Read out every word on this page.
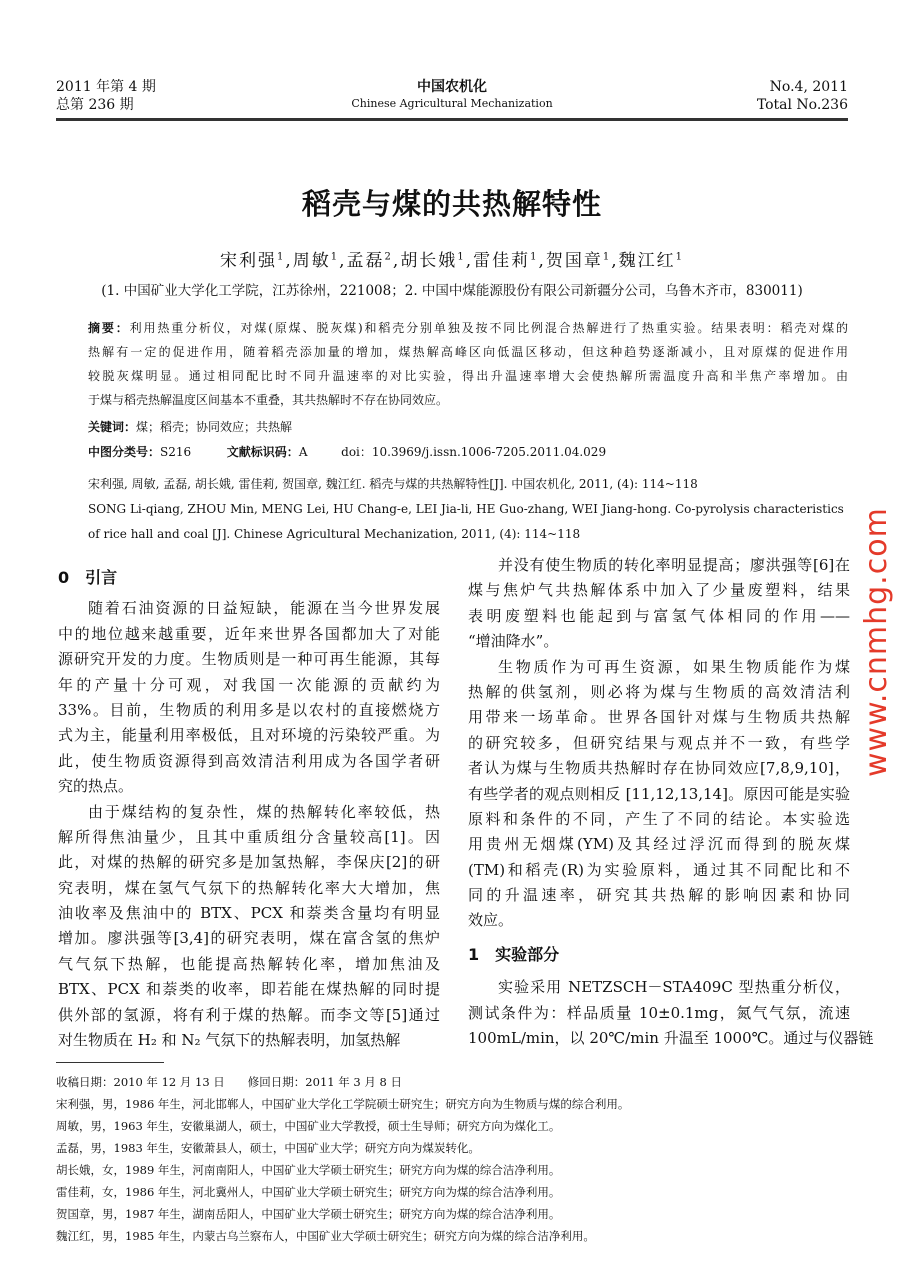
2011 年第 4 期
总第 236 期
中国农机化
Chinese Agricultural Mechanization
No.4, 2011
Total No.236
稻壳与煤的共热解特性
宋利强$^1$,周敏$^1$,孟磊$^2$,胡长娥$^1$,雷佳莉$^1$,贺国章$^1$,魏江红$^1$
(1. 中国矿业大学化工学院，江苏徐州，221008；2. 中国中煤能源股份有限公司新疆分公司，乌鲁木齐市，830011)
摘要：利用热重分析仪，对煤(原煤、脱灰煤)和稻壳分别单独及按不同比例混合热解进行了热重实验。结果表明：稻壳对煤的
热解有一定的促进作用，随着稻壳添加量的增加，煤热解高峰区向低温区移动，但这种趋势逐渐减小，且对原煤的促进作用
较脱灰煤明显。通过相同配比时不同升温速率的对比实验，得出升温速率增大会使热解所需温度升高和半焦产率增加。由
于煤与稻壳热解温度区间基本不重叠，其共热解时不存在协同效应。
关键词：煤；稻壳；协同效应；共热解
中图分类号：S216	文献标识码：A	doi：10.3969/j.issn.1006-7205.2011.04.029
宋利强, 周敏, 孟磊, 胡长娥, 雷佳莉, 贺国章, 魏江红. 稻壳与煤的共热解特性[J]. 中国农机化, 2011, (4): 114~118
SONG Li-qiang, ZHOU Min, MENG Lei, HU Chang-e, LEI Jia-li, HE Guo-zhang, WEI Jiang-hong. Co-pyrolysis characteristics
of rice hall and coal [J]. Chinese Agricultural Mechanization, 2011, (4): 114~118
0　引言
随着石油资源的日益短缺，能源在当今世界发展
中的地位越来越重要，近年来世界各国都加大了对能
源研究开发的力度。生物质则是一种可再生能源，其每
年的产量十分可观，对我国一次能源的贡献约为
33%。目前，生物质的利用多是以农村的直接燃烧方
式为主，能量利用率极低，且对环境的污染较严重。为
此，使生物质资源得到高效清洁利用成为各国学者研
究的热点。
由于煤结构的复杂性，煤的热解转化率较低，热
解所得焦油量少，且其中重质组分含量较高[1]。因
此，对煤的热解的研究多是加氢热解，李保庆[2]的研
究表明，煤在氢气气氛下的热解转化率大大增加，焦
油收率及焦油中的 BTX、PCX 和萘类含量均有明显
增加。廖洪强等[3,4]的研究表明，煤在富含氢的焦炉
气气氛下热解，也能提高热解转化率，增加焦油及
BTX、PCX 和萘类的收率，即若能在煤热解的同时提
供外部的氢源，将有利于煤的热解。而李文等[5]通过
对生物质在 H₂ 和 N₂ 气氛下的热解表明，加氢热解
并没有使生物质的转化率明显提高；廖洪强等[6]在
煤与焦炉气共热解体系中加入了少量废塑料，结果
表明废塑料也能起到与富氢气体相同的作用——
“增油降水”。
生物质作为可再生资源，如果生物质能作为煤
热解的供氢剂，则必将为煤与生物质的高效清洁利
用带来一场革命。世界各国针对煤与生物质共热解
的研究较多，但研究结果与观点并不一致，有些学
者认为煤与生物质共热解时存在协同效应[7,8,9,10]，
有些学者的观点则相反 [11,12,13,14]。原因可能是实验
原料和条件的不同，产生了不同的结论。本实验选
用贵州无烟煤(YM)及其经过浮沉而得到的脱灰煤
(TM)和稻壳(R)为实验原料，通过其不同配比和不
同的升温速率，研究其共热解的影响因素和协同
效应。
1　实验部分
实验采用 NETZSCH－STA409C 型热重分析仪，
测试条件为：样品质量 10±0.1mg，氮气气氛，流速
100mL/min，以 20℃/min 升温至 1000℃。通过与仪器链
收稿日期：2010 年 12 月 13 日　　修回日期：2011 年 3 月 8 日
宋利强，男，1986 年生，河北邯郸人，中国矿业大学化工学院硕士研究生；研究方向为生物质与煤的综合利用。
周敏，男，1963 年生，安徽巢湖人，硕士，中国矿业大学教授，硕士生导师；研究方向为煤化工。
孟磊，男，1983 年生，安徽萧县人，硕士，中国矿业大学；研究方向为煤炭转化。
胡长娥，女，1989 年生，河南南阳人，中国矿业大学硕士研究生；研究方向为煤的综合洁净利用。
雷佳莉，女，1986 年生，河北冀州人，中国矿业大学硕士研究生；研究方向为煤的综合洁净利用。
贺国章，男，1987 年生，湖南岳阳人，中国矿业大学硕士研究生；研究方向为煤的综合洁净利用。
魏江红，男，1985 年生，内蒙古乌兰察布人，中国矿业大学硕士研究生；研究方向为煤的综合洁净利用。
www.cnmhg.com
